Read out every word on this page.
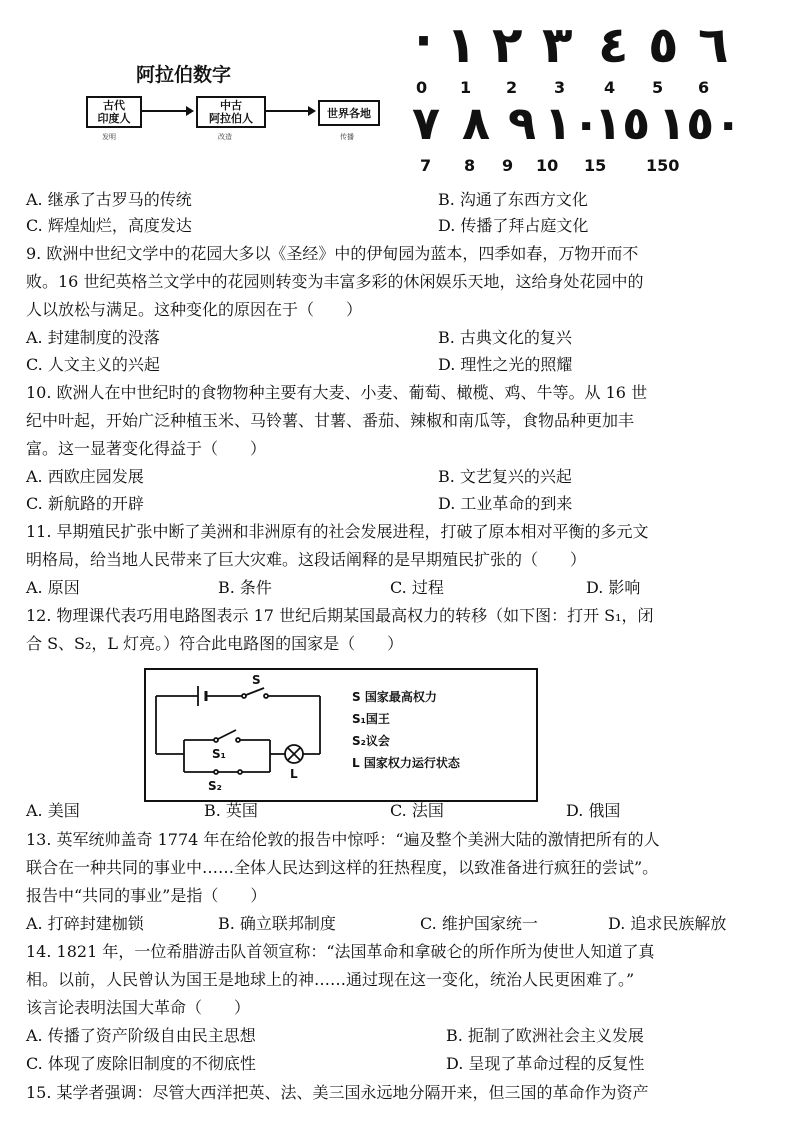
阿拉伯数字
古代
印度人
中古
阿拉伯人	世界各地
发明	改造	传播
· ١ ٢ ٣ ٤ ٥ ٦
0 1 2 3 4 5 6
٧ ٨ ٩ ١٠
١٥ ١٥٠
7 8 9 10 15 150
A. 继承了古罗马的传统	B. 沟通了东西方文化
C. 辉煌灿烂，高度发达	D. 传播了拜占庭文化
9. 欧洲中世纪文学中的花园大多以《圣经》中的伊甸园为蓝本，四季如春，万物开而不
败。16 世纪英格兰文学中的花园则转变为丰富多彩的休闲娱乐天地，这给身处花园中的
人以放松与满足。这种变化的原因在于（　　）
A. 封建制度的没落	B. 古典文化的复兴
C. 人文主义的兴起	D. 理性之光的照耀
10. 欧洲人在中世纪时的食物物种主要有大麦、小麦、葡萄、橄榄、鸡、牛等。从 16 世
纪中叶起，开始广泛种植玉米、马铃薯、甘薯、番茄、辣椒和南瓜等，食物品种更加丰
富。这一显著变化得益于（　　）
A. 西欧庄园发展	B. 文艺复兴的兴起
C. 新航路的开辟	D. 工业革命的到来
11. 早期殖民扩张中断了美洲和非洲原有的社会发展进程，打破了原本相对平衡的多元文
明格局，给当地人民带来了巨大灾难。这段话阐释的是早期殖民扩张的（　　）
A. 原因	B. 条件	C. 过程	D. 影响
12. 物理课代表巧用电路图表示 17 世纪后期某国最高权力的转移（如下图：打开 S₁，闭
合 S、S₂，L 灯亮。）符合此电路图的国家是（　　）
S
S₁
S₂
L
S 国家最高权力
S₁国王
S₂议会
L 国家权力运行状态
A. 美国	B. 英国	C. 法国	D. 俄国
13. 英军统帅盖奇 1774 年在给伦敦的报告中惊呼：“遍及整个美洲大陆的激情把所有的人
联合在一种共同的事业中……全体人民达到这样的狂热程度，以致准备进行疯狂的尝试”。
报告中“共同的事业”是指（　　）
A. 打碎封建枷锁	B. 确立联邦制度	C. 维护国家统一	D. 追求民族解放
14. 1821 年，一位希腊游击队首领宣称：“法国革命和拿破仑的所作所为使世人知道了真
相。以前，人民曾认为国王是地球上的神……通过现在这一变化，统治人民更困难了。”
该言论表明法国大革命（　　）
A. 传播了资产阶级自由民主思想	B. 扼制了欧洲社会主义发展
C. 体现了废除旧制度的不彻底性	D. 呈现了革命过程的反复性
15. 某学者强调：尽管大西洋把英、法、美三国永远地分隔开来，但三国的革命作为资产
